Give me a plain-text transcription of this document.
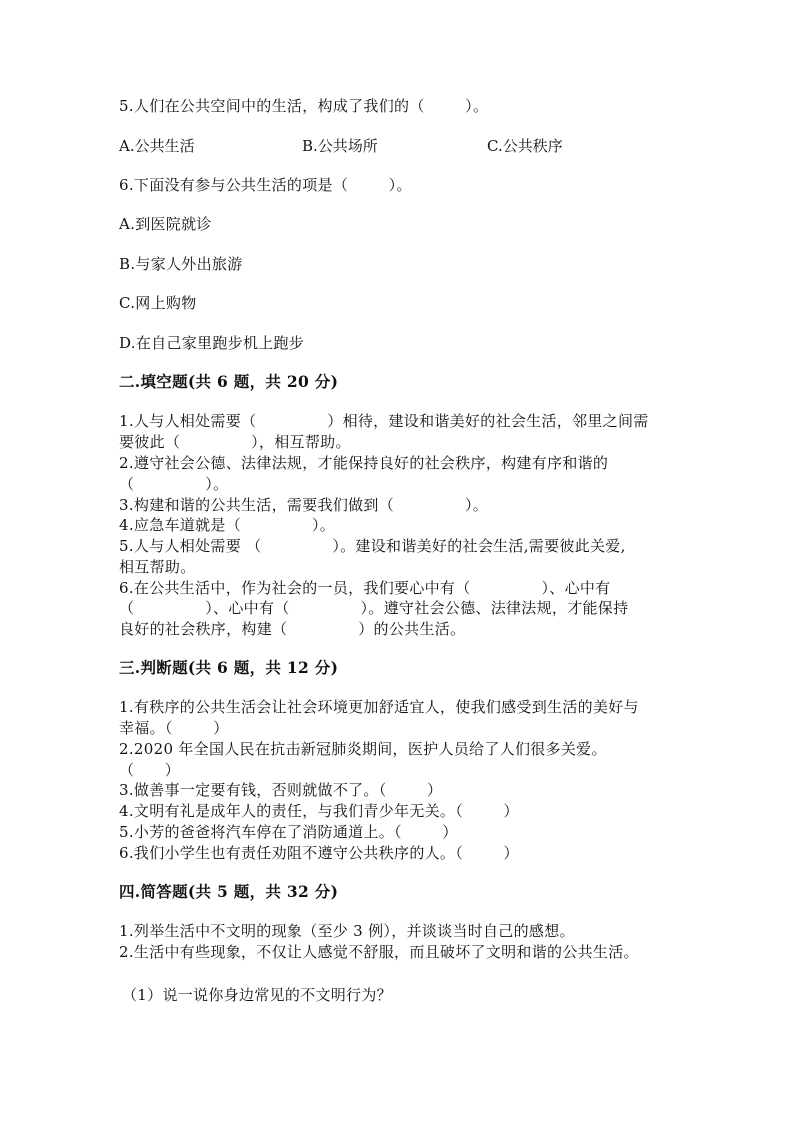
5.人们在公共空间中的生活，构成了我们的（        ）。
A.公共生活	B.公共场所	C.公共秩序
6.下面没有参与公共生活的项是（        ）。
A.到医院就诊
B.与家人外出旅游
C.网上购物
D.在自己家里跑步机上跑步
二.填空题(共 6 题，共 20 分)
1.人与人相处需要（              ）相待，建设和谐美好的社会生活，邻里之间需
要彼此（              ），相互帮助。
2.遵守社会公德、法律法规，才能保持良好的社会秩序，构建有序和谐的
（              ）。
3.构建和谐的公共生活，需要我们做到（              ）。
4.应急车道就是（              ）。
5.人与人相处需要 （              ）。建设和谐美好的社会生活,需要彼此关爱,
相互帮助。
6.在公共生活中，作为社会的一员，我们要心中有（              ）、心中有
（              ）、心中有（              ）。遵守社会公德、法律法规，才能保持
良好的社会秩序，构建（              ）的公共生活。
三.判断题(共 6 题，共 12 分)
1.有秩序的公共生活会让社会环境更加舒适宜人，使我们感受到生活的美好与
幸福。（        ）
2.2020 年全国人民在抗击新冠肺炎期间，医护人员给了人们很多关爱。
（      ）
3.做善事一定要有钱，否则就做不了。（        ）
4.文明有礼是成年人的责任，与我们青少年无关。（        ）
5.小芳的爸爸将汽车停在了消防通道上。（        ）
6.我们小学生也有责任劝阻不遵守公共秩序的人。（        ）
四.简答题(共 5 题，共 32 分)
1.列举生活中不文明的现象（至少 3 例），并谈谈当时自己的感想。
2.生活中有些现象，不仅让人感觉不舒服，而且破坏了文明和谐的公共生活。
（1）说一说你身边常见的不文明行为？
